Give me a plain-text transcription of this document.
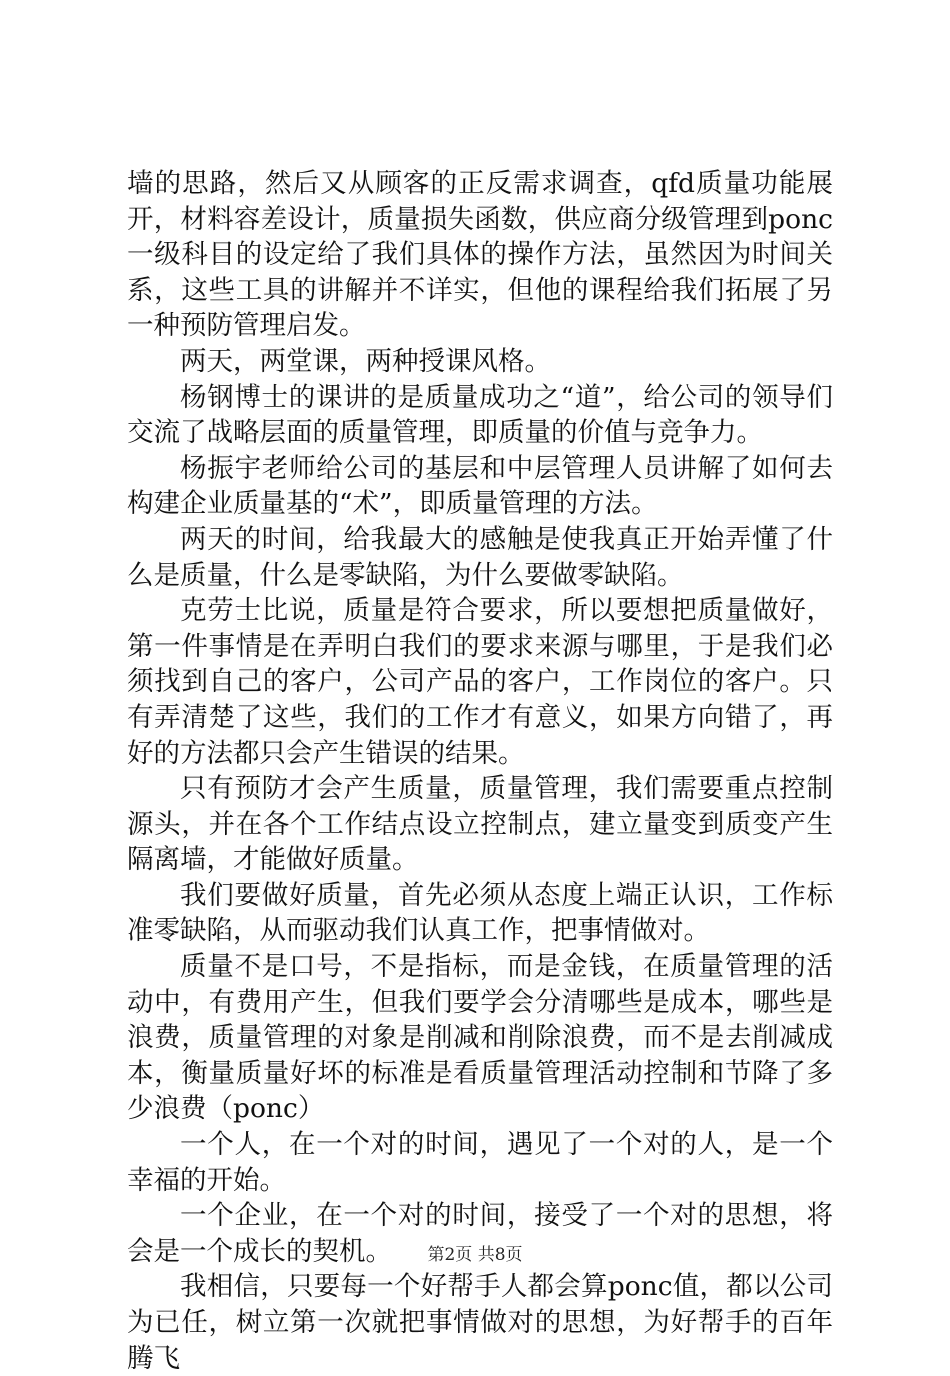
墙的思路，然后又从顾客的正反需求调查，qfd质量功能展开，材料容差设计，质量损失函数，供应商分级管理到ponc一级科目的设定给了我们具体的操作方法，虽然因为时间关系，这些工具的讲解并不详实，但他的课程给我们拓展了另一种预防管理启发。

两天，两堂课，两种授课风格。

杨钢博士的课讲的是质量成功之“道”，给公司的领导们交流了战略层面的质量管理，即质量的价值与竞争力。

杨振宇老师给公司的基层和中层管理人员讲解了如何去构建企业质量基的“术”，即质量管理的方法。

两天的时间，给我最大的感触是使我真正开始弄懂了什么是质量，什么是零缺陷，为什么要做零缺陷。

克劳士比说，质量是符合要求，所以要想把质量做好，第一件事情是在弄明白我们的要求来源与哪里，于是我们必须找到自己的客户，公司产品的客户，工作岗位的客户。只有弄清楚了这些，我们的工作才有意义，如果方向错了，再好的方法都只会产生错误的结果。

只有预防才会产生质量，质量管理，我们需要重点控制源头，并在各个工作结点设立控制点，建立量变到质变产生隔离墙，才能做好质量。

我们要做好质量，首先必须从态度上端正认识，工作标准零缺陷，从而驱动我们认真工作，把事情做对。

质量不是口号，不是指标，而是金钱，在质量管理的活动中，有费用产生，但我们要学会分清哪些是成本，哪些是浪费，质量管理的对象是削减和削除浪费，而不是去削减成本，衡量质量好坏的标准是看质量管理活动控制和节降了多少浪费（ponc）

一个人，在一个对的时间，遇见了一个对的人，是一个幸福的开始。

一个企业，在一个对的时间，接受了一个对的思想，将会是一个成长的契机。

我相信，只要每一个好帮手人都会算ponc值，都以公司为已任，树立第一次就把事情做对的思想，为好帮手的百年腾飞

第2页 共8页
